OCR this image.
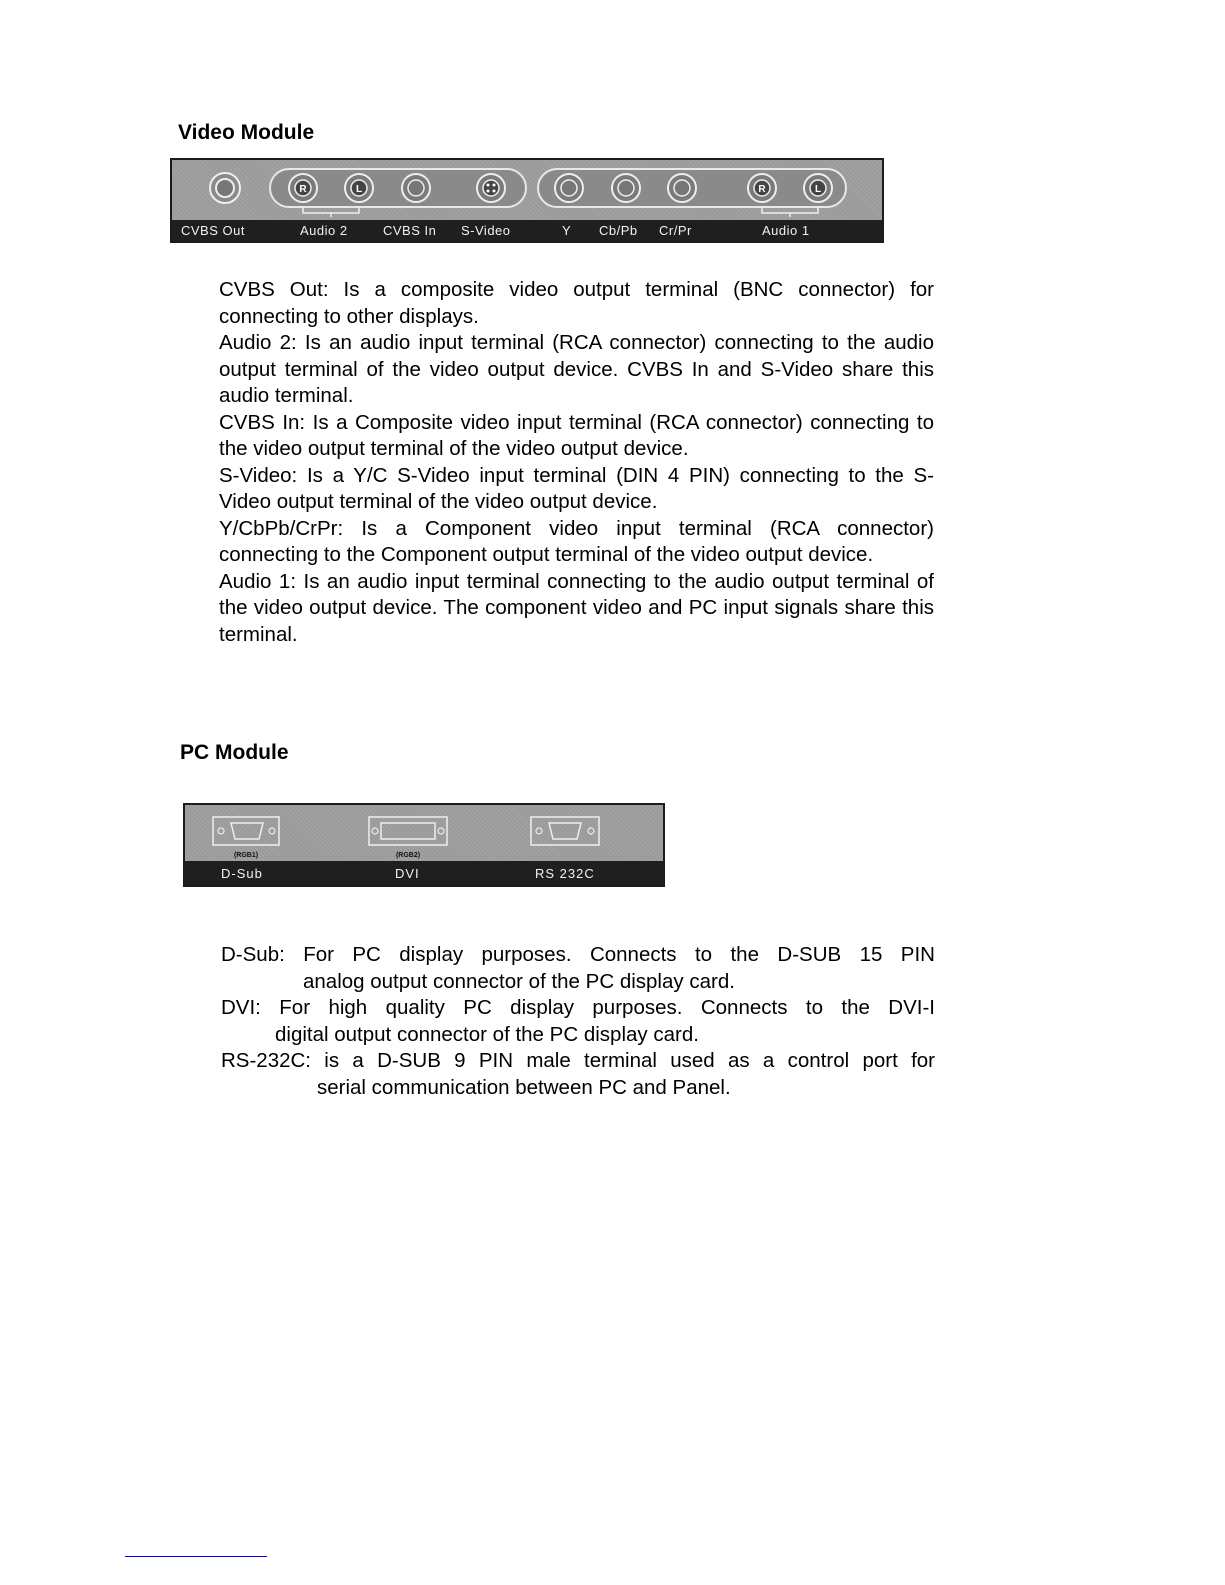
Video Module
R	L	R	L
CVBS Out	Audio 2	CVBS In S-Video	Y Cb/Pb Cr/Pr	Audio 1

CVBS Out: Is a composite video output terminal (BNC connector) for connecting to other displays.

Audio 2: Is an audio input terminal (RCA connector) connecting to the audio output terminal of the video output device. CVBS In and S-Video share this audio terminal.

CVBS In: Is a Composite video input terminal (RCA connector) connecting to the video output terminal of the video output device.

S-Video: Is a Y/C S-Video input terminal (DIN 4 PIN) connecting to the S-Video output terminal of the video output device.

Y/CbPb/CrPr: Is a Component video input terminal (RCA connector) connecting to the Component output terminal of the video output device.

Audio 1: Is an audio input terminal connecting to the audio output terminal of the video output device. The component video and PC input signals share this terminal.

PC Module
(RGB1)	(RGB2)
D-Sub	DVI	RS 232C

D-Sub: For PC display purposes. Connects to the D-SUB 15 PIN
analog output connector of the PC display card.

DVI: For high quality PC display purposes. Connects to the DVI-I
digital output connector of the PC display card.

RS-232C: is a D-SUB 9 PIN male terminal used as a control port for
serial communication between PC and Panel.
